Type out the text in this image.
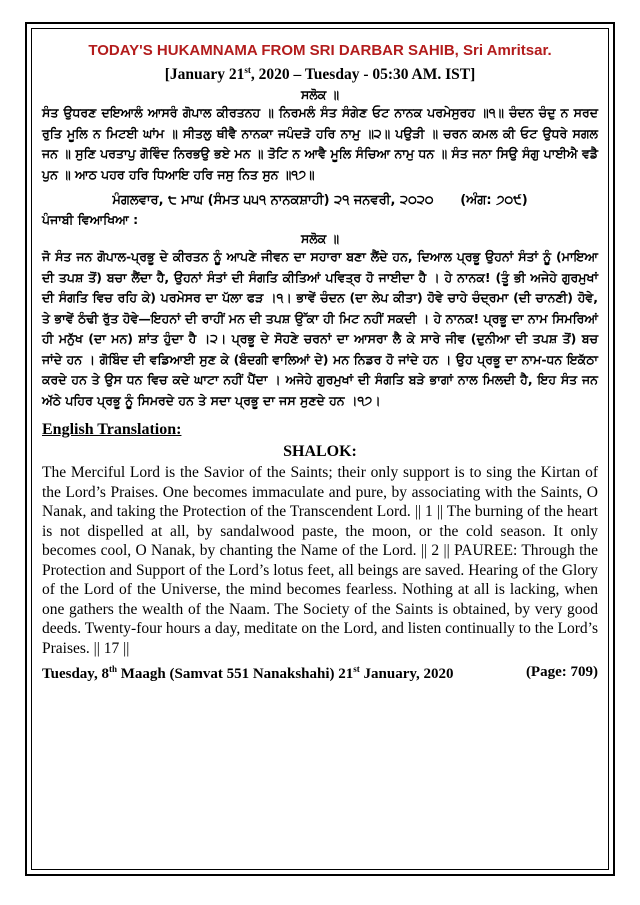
TODAY'S HUKAMNAMA FROM SRI DARBAR SAHIB, Sri Amritsar.
[January 21st, 2020 – Tuesday - 05:30 AM. IST]
ਸਲੋਕ ॥

ਸੰਤ ਉਧਰਣ ਦਇਆਲੰ ਆਸਰੰ ਗੋਪਾਲ ਕੀਰਤਨਹ ॥ ਨਿਰਮਲੰ ਸੰਤ ਸੰਗੇਣ ਓਟ ਨਾਨਕ ਪਰਮੇਸੁਰਹ ॥੧॥ ਚੰਦਨ ਚੰਦੁ ਨ ਸਰਦ ਰੁਤਿ ਮੂਲਿ ਨ ਮਿਟਈ ਘਾਂਮ ॥ ਸੀਤਲੁ ਥੀਵੈ ਨਾਨਕਾ ਜਪੰਦੜੋ ਹਰਿ ਨਾਮੁ ॥੨॥ ਪਉੜੀ ॥ ਚਰਨ ਕਮਲ ਕੀ ਓਟ ਉਧਰੇ ਸਗਲ ਜਨ ॥ ਸੁਣਿ ਪਰਤਾਪੁ ਗੋਵਿੰਦ ਨਿਰਭਉ ਭਏ ਮਨ ॥ ਤੋਟਿ ਨ ਆਵੈ ਮੂਲਿ ਸੰਚਿਆ ਨਾਮੁ ਧਨ ॥ ਸੰਤ ਜਨਾ ਸਿਉ ਸੰਗੁ ਪਾਈਐ ਵਡੈ ਪੁਨ ॥ ਆਠ ਪਹਰ ਹਰਿ ਧਿਆਇ ਹਰਿ ਜਸੁ ਨਿਤ ਸੁਨ ॥੧੭॥

ਮੰਗਲਵਾਰ, ੮ ਮਾਘ (ਸੰਮਤ ੫੫੧ ਨਾਨਕਸ਼ਾਹੀ) ੨੧ ਜਨਵਰੀ, ੨੦੨੦ (ਅੰਗ: ੭੦੯)
ਪੰਜਾਬੀ ਵਿਆਖਿਆ :
ਸਲੋਕ ॥

ਜੋ ਸੰਤ ਜਨ ਗੋਪਾਲ-ਪ੍ਰਭੂ ਦੇ ਕੀਰਤਨ ਨੂੰ ਆਪਣੇ ਜੀਵਨ ਦਾ ਸਹਾਰਾ ਬਣਾ ਲੈਂਦੇ ਹਨ, ਦਿਆਲ ਪ੍ਰਭੂ ਉਹਨਾਂ ਸੰਤਾਂ ਨੂੰ (ਮਾਇਆ ਦੀ ਤਪਸ਼ ਤੋਂ) ਬਚਾ ਲੈਂਦਾ ਹੈ, ਉਹਨਾਂ ਸੰਤਾਂ ਦੀ ਸੰਗਤਿ ਕੀਤਿਆਂ ਪਵਿਤ੍ਰ ਹੋ ਜਾਈਦਾ ਹੈ । ਹੇ ਨਾਨਕ! (ਤੂੰ ਭੀ ਅਜੇਹੇ ਗੁਰਮੁਖਾਂ ਦੀ ਸੰਗਤਿ ਵਿਚ ਰਹਿ ਕੇ) ਪਰਮੇਸਰ ਦਾ ਪੱਲਾ ਫੜ ।੧। ਭਾਵੇਂ ਚੰਦਨ (ਦਾ ਲੇਪ ਕੀਤਾ) ਹੋਵੇ ਚਾਹੇ ਚੰਦ੍ਰਮਾ (ਦੀ ਚਾਨਣੀ) ਹੋਵੇ, ਤੇ ਭਾਵੇਂ ਠੰਢੀ ਰੁੱਤ ਹੋਵੇ—ਇਹਨਾਂ ਦੀ ਰਾਹੀਂ ਮਨ ਦੀ ਤਪਸ਼ ਉੱਕਾ ਹੀ ਮਿਟ ਨਹੀਂ ਸਕਦੀ । ਹੇ ਨਾਨਕ! ਪ੍ਰਭੂ ਦਾ ਨਾਮ ਸਿਮਰਿਆਂ ਹੀ ਮਨੁੱਖ (ਦਾ ਮਨ) ਸ਼ਾਂਤ ਹੁੰਦਾ ਹੈ ।੨। ਪ੍ਰਭੂ ਦੇ ਸੋਹਣੇ ਚਰਨਾਂ ਦਾ ਆਸਰਾ ਲੈ ਕੇ ਸਾਰੇ ਜੀਵ (ਦੁਨੀਆ ਦੀ ਤਪਸ਼ ਤੋਂ) ਬਚ ਜਾਂਦੇ ਹਨ । ਗੋਬਿੰਦ ਦੀ ਵਡਿਆਈ ਸੁਣ ਕੇ (ਬੰਦਗੀ ਵਾਲਿਆਂ ਦੇ) ਮਨ ਨਿਡਰ ਹੋ ਜਾਂਦੇ ਹਨ । ਉਹ ਪ੍ਰਭੂ ਦਾ ਨਾਮ-ਧਨ ਇਕੱਠਾ ਕਰਦੇ ਹਨ ਤੇ ਉਸ ਧਨ ਵਿਚ ਕਦੇ ਘਾਟਾ ਨਹੀਂ ਪੈਂਦਾ । ਅਜੇਹੇ ਗੁਰਮੁਖਾਂ ਦੀ ਸੰਗਤਿ ਬੜੇ ਭਾਗਾਂ ਨਾਲ ਮਿਲਦੀ ਹੈ, ਇਹ ਸੰਤ ਜਨ ਅੱਠੇ ਪਹਿਰ ਪ੍ਰਭੂ ਨੂੰ ਸਿਮਰਦੇ ਹਨ ਤੇ ਸਦਾ ਪ੍ਰਭੂ ਦਾ ਜਸ ਸੁਣਦੇ ਹਨ ।੧੭।

English Translation:
SHALOK:

The Merciful Lord is the Savior of the Saints; their only support is to sing the Kirtan of the Lord’s Praises. One becomes immaculate and pure, by associating with the Saints, O Nanak, and taking the Protection of the Transcendent Lord. || 1 || The burning of the heart is not dispelled at all, by sandalwood paste, the moon, or the cold season. It only becomes cool, O Nanak, by chanting the Name of the Lord. || 2 || PAUREE: Through the Protection and Support of the Lord’s lotus feet, all beings are saved. Hearing of the Glory of the Lord of the Universe, the mind becomes fearless. Nothing at all is lacking, when one gathers the wealth of the Naam. The Society of the Saints is obtained, by very good deeds. Twenty-four hours a day, meditate on the Lord, and listen continually to the Lord’s Praises. || 17 ||

Tuesday, 8th Maagh (Samvat 551 Nanakshahi) 21st January, 2020	(Page: 709)
